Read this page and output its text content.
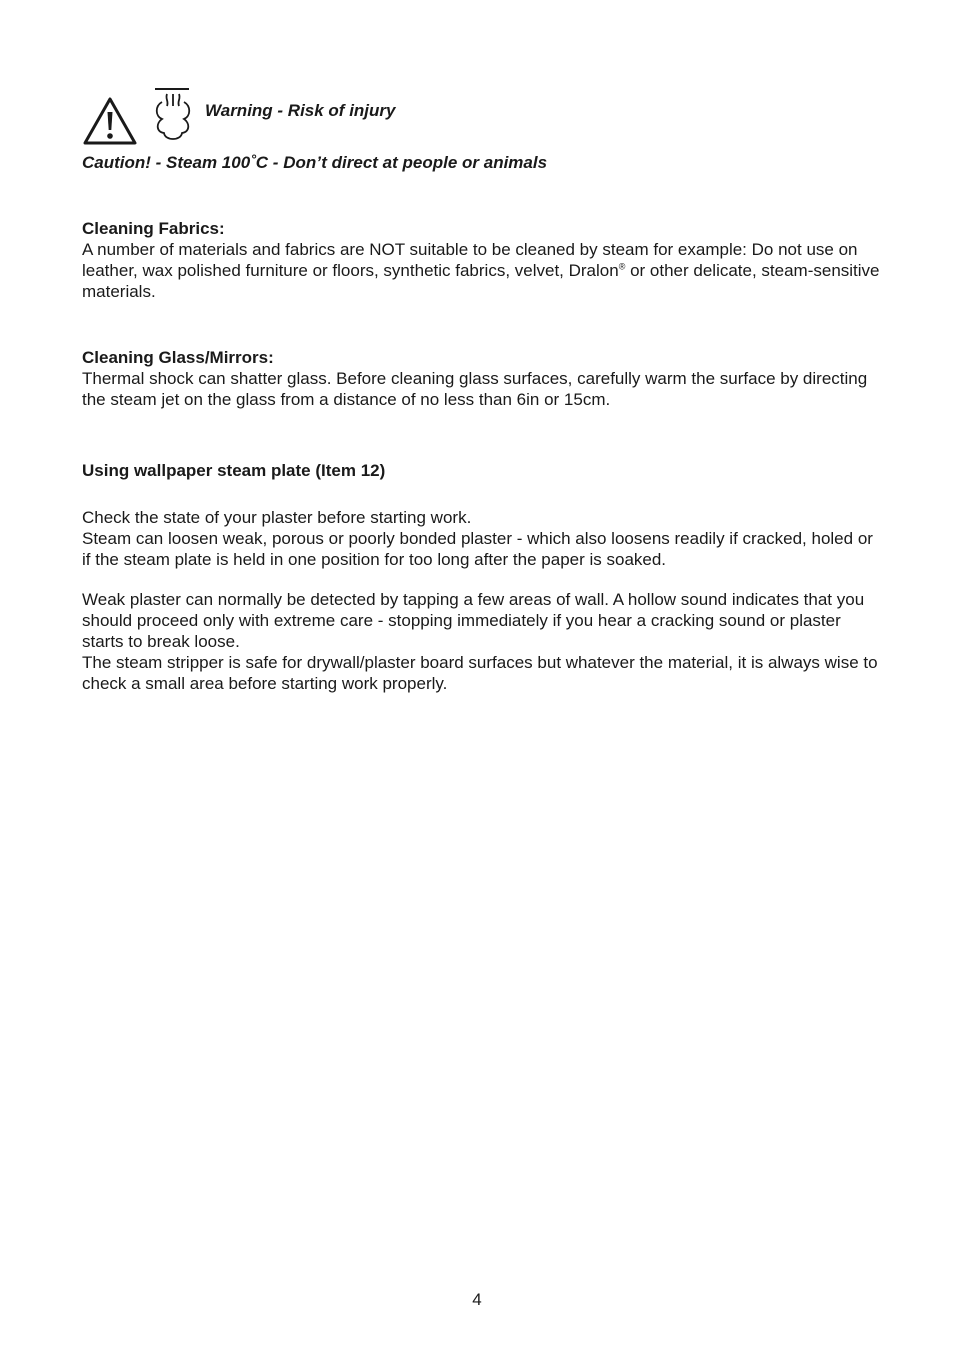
Warning - Risk of injury
Caution! - Steam 100˚C - Don’t direct at people or animals

Cleaning Fabrics:

A number of materials and fabrics are NOT suitable to be cleaned by steam for example: Do not use on leather, wax polished furniture or floors, synthetic fabrics, velvet, Dralon® or other delicate, steam-sensitive materials.

Cleaning Glass/Mirrors:

Thermal shock can shatter glass. Before cleaning glass surfaces, carefully warm the surface by directing the steam jet on the glass from a distance of no less than 6in or 15cm.

Using wallpaper steam plate (Item 12)

Check the state of your plaster before starting work.

Steam can loosen weak, porous or poorly bonded plaster - which also loosens readily if cracked, holed or if the steam plate is held in one position for too long after the paper is soaked.

Weak plaster can normally be detected by tapping a few areas of wall. A hollow sound indicates that you should proceed only with extreme care - stopping immediately if you hear a cracking sound or plaster starts to break loose.

The steam stripper is safe for drywall/plaster board surfaces but whatever the material, it is always wise to check a small area before starting work properly.

4
